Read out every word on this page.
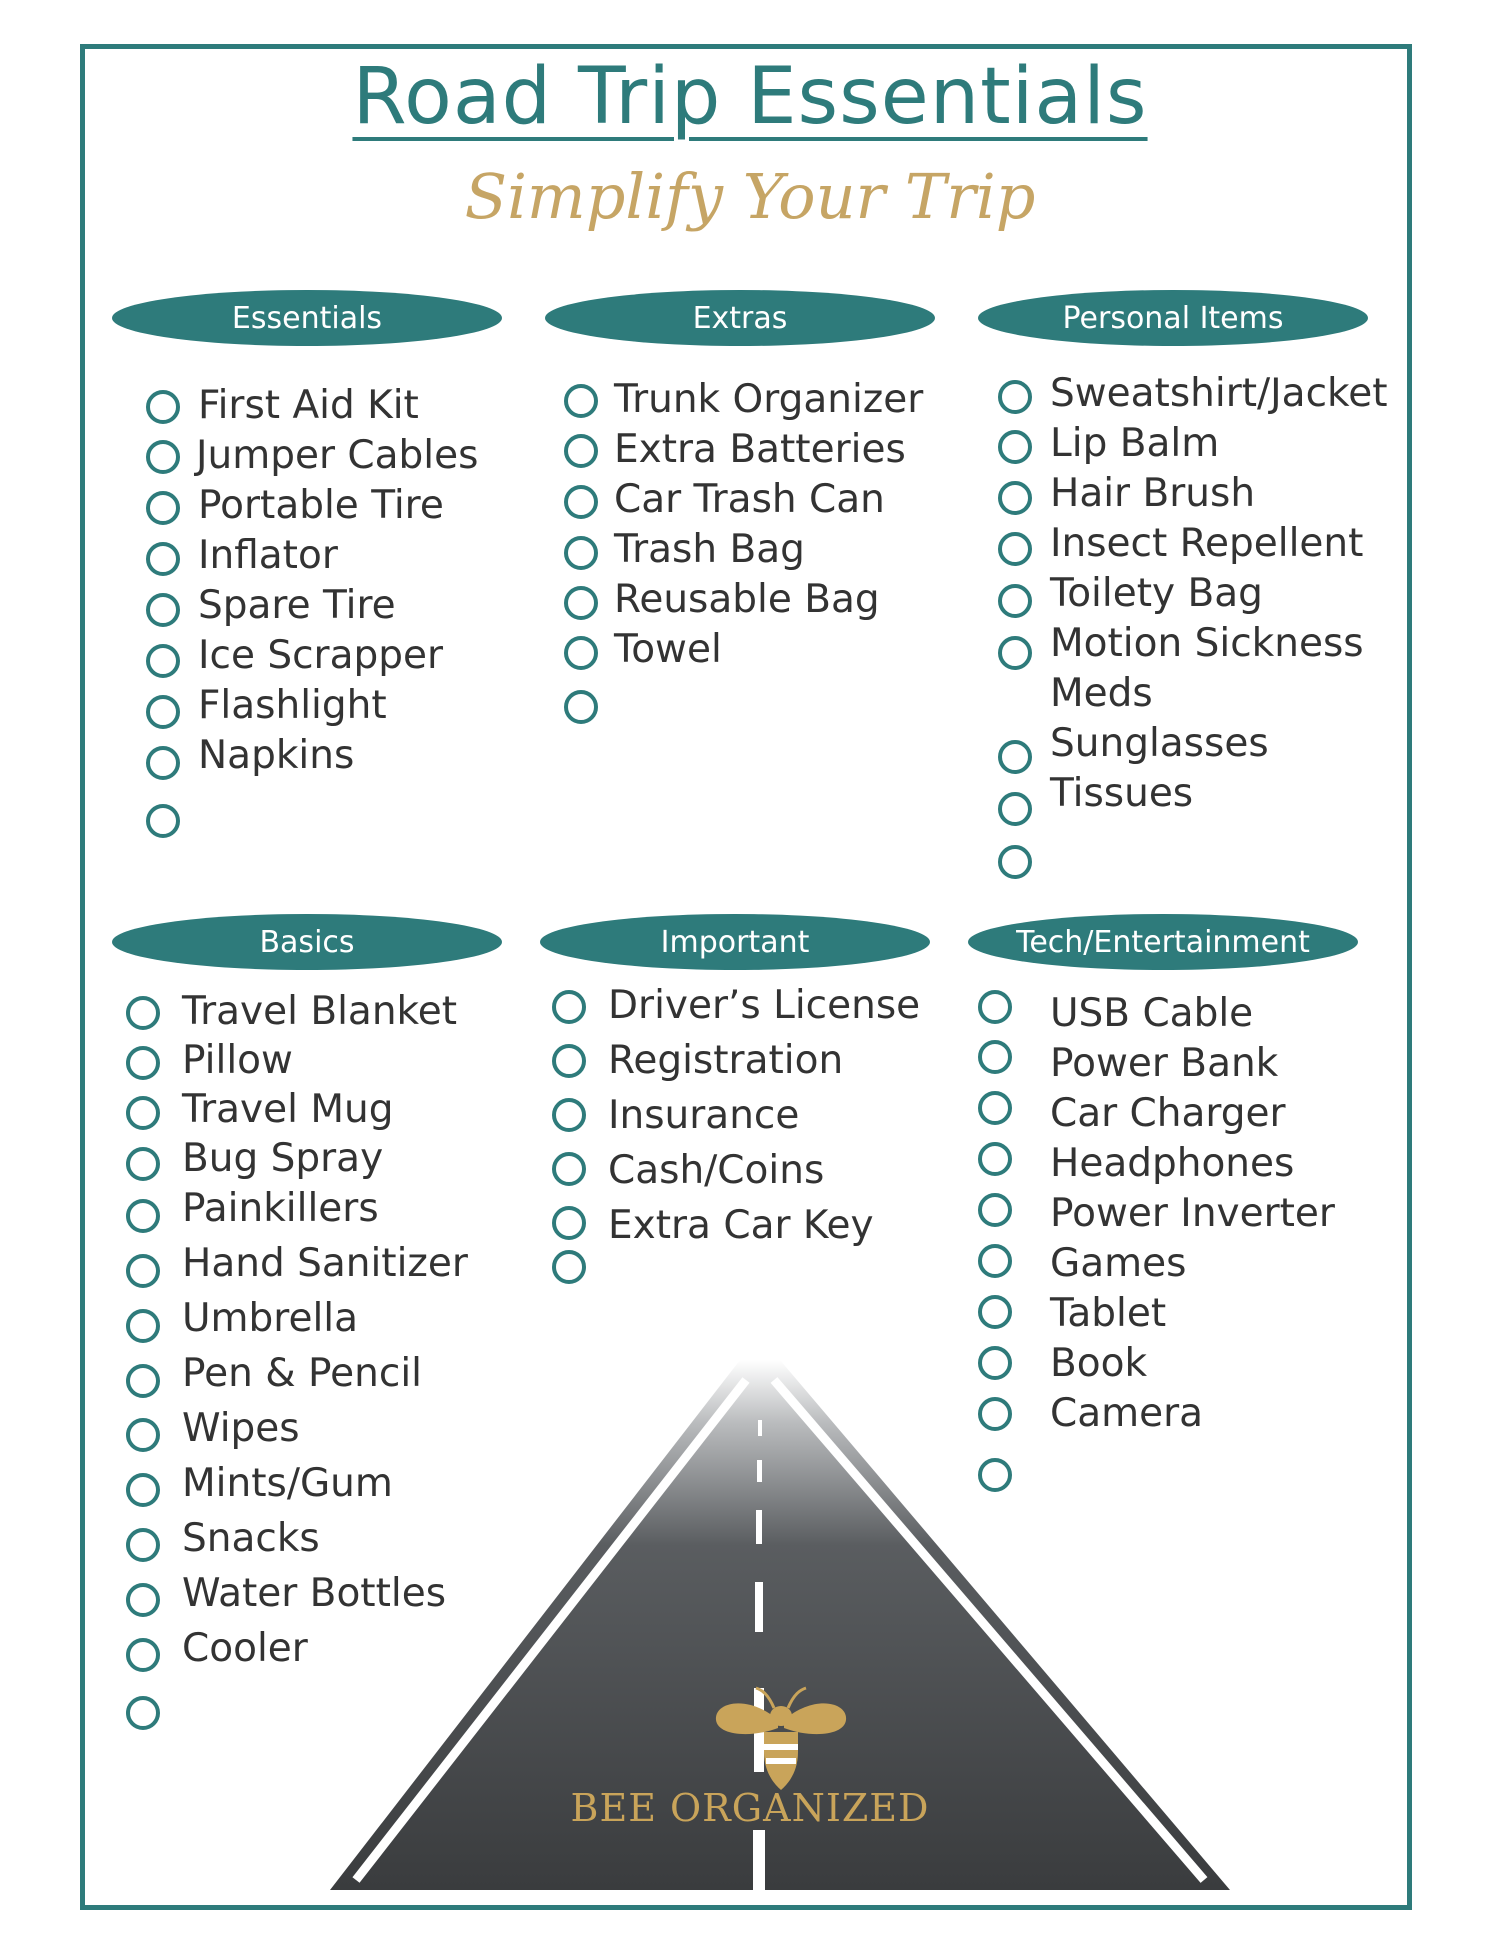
Road Trip Essentials
Simplify Your Trip
Essentials	Extras	Personal Items
Basics	Important	Tech/Entertainment
First Aid Kit
Jumper Cables
Portable Tire
Inflator
Spare Tire
Ice Scrapper
Flashlight
Napkins
Trunk Organizer
Extra Batteries
Car Trash Can
Trash Bag
Reusable Bag
Towel
Sweatshirt/Jacket
Lip Balm
Hair Brush
Insect Repellent
Toilety Bag
Motion Sickness
Meds
Sunglasses
Tissues
BEE ORGANIZED
Travel Blanket
Pillow
Travel Mug
Bug Spray
Painkillers
Hand Sanitizer
Umbrella
Pen & Pencil
Wipes
Mints/Gum
Snacks
Water Bottles
Cooler
Driver’s License
Registration
Insurance
Cash/Coins
Extra Car Key
USB Cable
Power Bank
Car Charger
Headphones
Power Inverter
Games
Tablet
Book
Camera
